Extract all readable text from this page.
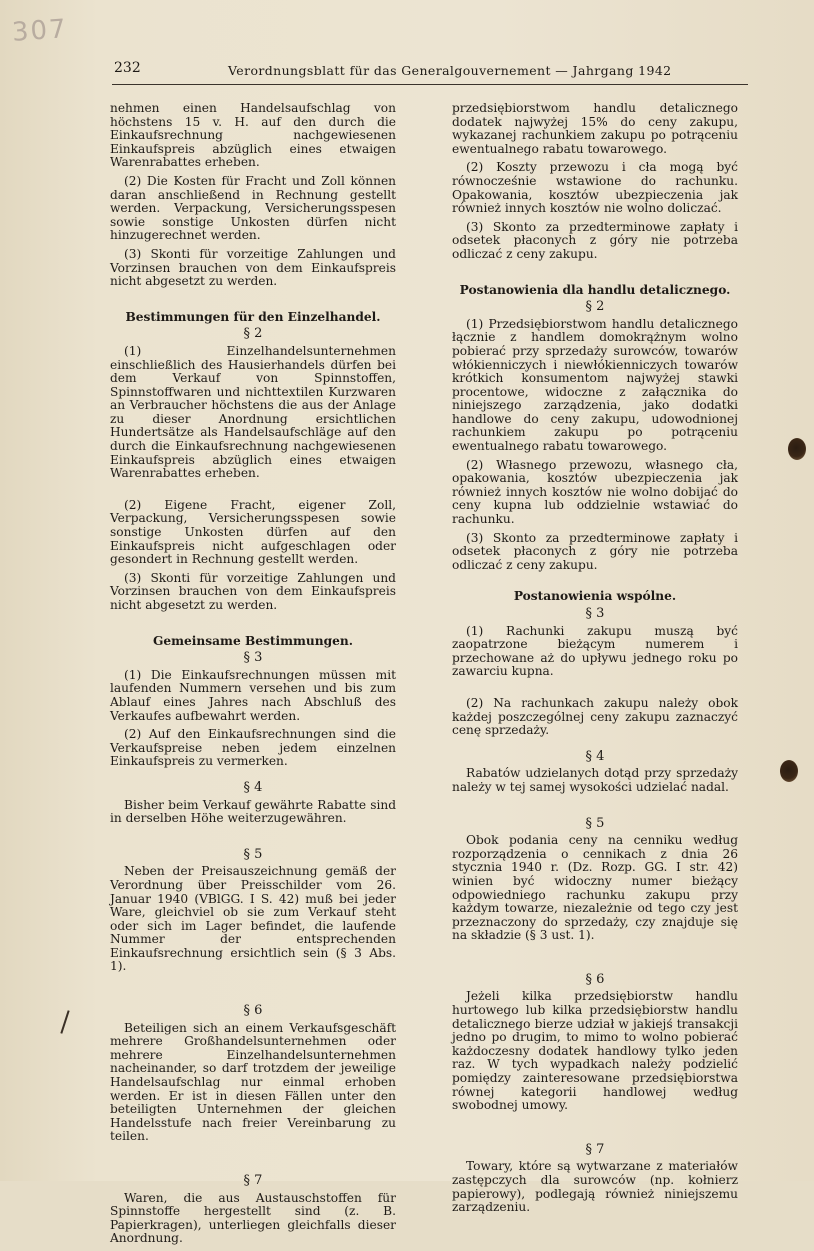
307
232	Verordnungsblatt für das Generalgouvernement — Jahrgang 1942

nehmen einen Handelsaufschlag von höchstens 15 v. H. auf den durch die Einkaufsrechnung nachgewiesenen Einkaufspreis abzüglich eines etwaigen Warenrabattes erheben.

(2) Die Kosten für Fracht und Zoll können daran anschließend in Rechnung gestellt werden. Verpackung, Versicherungsspesen sowie sonstige Unkosten dürfen nicht hinzugerechnet werden.

(3) Skonti für vorzeitige Zahlungen und Vorzinsen brauchen von dem Einkaufspreis nicht abgesetzt zu werden.

Bestimmungen für den Einzelhandel.
§ 2

(1) Einzelhandelsunternehmen einschließlich des Hausierhandels dürfen bei dem Verkauf von Spinnstoffen, Spinnstoffwaren und nichttextilen Kurzwaren an Verbraucher höchstens die aus der Anlage zu dieser Anordnung ersichtlichen Hundertsätze als Handelsaufschläge auf den durch die Einkaufsrechnung nachgewiesenen Einkaufspreis abzüglich eines etwaigen Warenrabattes erheben.

(2) Eigene Fracht, eigener Zoll, Verpackung, Versicherungsspesen sowie sonstige Unkosten dürfen auf den Einkaufspreis nicht aufgeschlagen oder gesondert in Rechnung gestellt werden.

(3) Skonti für vorzeitige Zahlungen und Vorzinsen brauchen von dem Einkaufspreis nicht abgesetzt zu werden.

Gemeinsame Bestimmungen.
§ 3

(1) Die Einkaufsrechnungen müssen mit laufenden Nummern versehen und bis zum Ablauf eines Jahres nach Abschluß des Verkaufes aufbewahrt werden.

(2) Auf den Einkaufsrechnungen sind die Verkaufspreise neben jedem einzelnen Einkaufspreis zu vermerken.

§ 4

Bisher beim Verkauf gewährte Rabatte sind in derselben Höhe weiterzugewähren.

§ 5

Neben der Preisauszeichnung gemäß der Verordnung über Preisschilder vom 26. Januar 1940 (VBlGG. I S. 42) muß bei jeder Ware, gleichviel ob sie zum Verkauf steht oder sich im Lager befindet, die laufende Nummer der entsprechenden Einkaufsrechnung ersichtlich sein (§ 3 Abs. 1).

§ 6

Beteiligen sich an einem Verkaufsgeschäft mehrere Großhandelsunternehmen oder mehrere Einzelhandelsunternehmen nacheinander, so darf trotzdem der jeweilige Handelsaufschlag nur einmal erhoben werden. Er ist in diesen Fällen unter den beteiligten Unternehmen der gleichen Handelsstufe nach freier Vereinbarung zu teilen.

§ 7

Waren, die aus Austauschstoffen für Spinnstoffe hergestellt sind (z. B. Papierkragen), unterliegen gleichfalls dieser Anordnung.

przedsiębiorstwom handlu detalicznego dodatek najwyżej 15% do ceny zakupu, wykazanej rachunkiem zakupu po potrąceniu ewentualnego rabatu towarowego.

(2) Koszty przewozu i cła mogą być równocześnie wstawione do rachunku. Opakowania, kosztów ubezpieczenia jak również innych kosztów nie wolno doliczać.

(3) Skonto za przedterminowe zapłaty i odsetek płaconych z góry nie potrzeba odliczać z ceny zakupu.

Postanowienia dla handlu detalicznego.
§ 2

(1) Przedsiębiorstwom handlu detalicznego łącznie z handlem domokrążnym wolno pobierać przy sprzedaży surowców, towarów włókienniczych i niewłókienniczych towarów krótkich konsumentom najwyżej stawki procentowe, widoczne z załącznika do niniejszego zarządzenia, jako dodatki handlowe do ceny zakupu, udowodnionej rachunkiem zakupu po potrąceniu ewentualnego rabatu towarowego.

(2) Własnego przewozu, własnego cła, opakowania, kosztów ubezpieczenia jak również innych kosztów nie wolno dobijać do ceny kupna lub oddzielnie wstawiać do rachunku.

(3) Skonto za przedterminowe zapłaty i odsetek płaconych z góry nie potrzeba odliczać z ceny zakupu.

Postanowienia wspólne.
§ 3

(1) Rachunki zakupu muszą być zaopatrzone bieżącym numerem i przechowane aż do upływu jednego roku po zawarciu kupna.

(2) Na rachunkach zakupu należy obok każdej poszczególnej ceny zakupu zaznaczyć cenę sprzedaży.

§ 4

Rabatów udzielanych dotąd przy sprzedaży należy w tej samej wysokości udzielać nadal.

§ 5

Obok podania ceny na cenniku według rozporządzenia o cennikach z dnia 26 stycznia 1940 r. (Dz. Rozp. GG. I str. 42) winien być widoczny numer bieżący odpowiedniego rachunku zakupu przy każdym towarze, niezależnie od tego czy jest przeznaczony do sprzedaży, czy znajduje się na składzie (§ 3 ust. 1).

§ 6

Jeżeli kilka przedsiębiorstw handlu hurtowego lub kilka przedsiębiorstw handlu detalicznego bierze udział w jakiejś transakcji jedno po drugim, to mimo to wolno pobierać każdoczesny dodatek handlowy tylko jeden raz. W tych wypadkach należy podzielić pomiędzy zainteresowane przedsiębiorstwa równej kategorii handlowej według swobodnej umowy.

§ 7

Towary, które są wytwarzane z materiałów zastępczych dla surowców (np. kołnierz papierowy), podlegają również niniejszemu zarządzeniu.
